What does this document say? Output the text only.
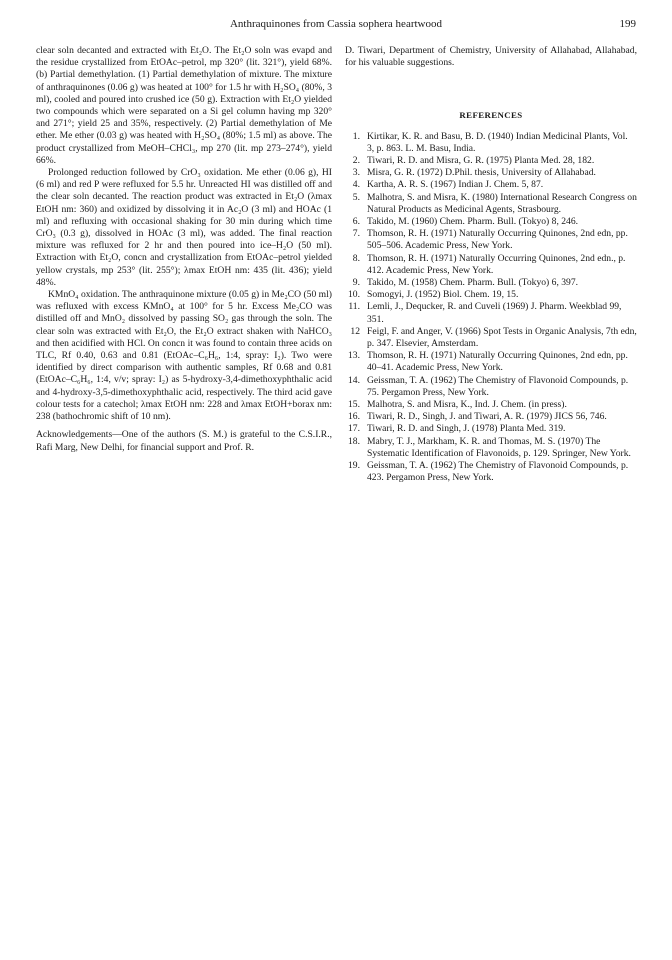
Anthraquinones from Cassia sophera heartwood	199

clear soln decanted and extracted with Et₂O. The Et₂O soln was evapd and the residue crystallized from EtOAc–petrol, mp 320° (lit. 321°), yield 68%. (b) Partial demethylation. (1) Partial demethylation of mixture. The mixture of anthraquinones (0.06 g) was heated at 100° for 1.5 hr with H₂SO₄ (80%, 3 ml), cooled and poured into crushed ice (50 g). Extraction with Et₂O yielded two compounds which were separated on a Si gel column having mp 320° and 271°; yield 25 and 35%, respectively. (2) Partial demethylation of Me ether. Me ether (0.03 g) was heated with H₂SO₄ (80%; 1.5 ml) as above. The product crystallized from MeOH–CHCl₃, mp 270 (lit. mp 273–274°), yield 66%.

Prolonged reduction followed by CrO₃ oxidation. Me ether (0.06 g), HI (6 ml) and red P were refluxed for 5.5 hr. Unreacted HI was distilled off and the clear soln decanted. The reaction product was extracted in Et₂O (λmax EtOH nm: 360) and oxidized by dissolving it in Ac₂O (3 ml) and HOAc (1 ml) and refluxing with occasional shaking for 30 min during which time CrO₃ (0.3 g), dissolved in HOAc (3 ml), was added. The final reaction mixture was refluxed for 2 hr and then poured into ice–H₂O (50 ml). Extraction with Et₂O, concn and crystallization from EtOAc–petrol yielded yellow crystals, mp 253° (lit. 255°); λmax EtOH nm: 435 (lit. 436); yield 48%.

KMnO₄ oxidation. The anthraquinone mixture (0.05 g) in Me₂CO (50 ml) was refluxed with excess KMnO₄ at 100° for 5 hr. Excess Me₂CO was distilled off and MnO₂ dissolved by passing SO₂ gas through the soln. The clear soln was extracted with Et₂O, the Et₂O extract shaken with NaHCO₃ and then acidified with HCl. On concn it was found to contain three acids on TLC, Rf 0.40, 0.63 and 0.81 (EtOAc–C₆H₆, 1:4, spray: I₂). Two were identified by direct comparison with authentic samples, Rf 0.68 and 0.81 (EtOAc–C₆H₆, 1:4, v/v; spray: I₂) as 5-hydroxy-3,4-dimethoxyphthalic acid and 4-hydroxy-3,5-dimethoxyphthalic acid, respectively. The third acid gave colour tests for a catechol; λmax EtOH nm: 228 and λmax EtOH+borax nm: 238 (bathochromic shift of 10 nm).

Acknowledgements—One of the authors (S. M.) is grateful to the C.S.I.R., Rafi Marg, New Delhi, for financial support and Prof. R.

D. Tiwari, Department of Chemistry, University of Allahabad, Allahabad, for his valuable suggestions.

REFERENCES
1. Kirtikar, K. R. and Basu, B. D. (1940) Indian Medicinal Plants, Vol. 3, p. 863. L. M. Basu, India.
2. Tiwari, R. D. and Misra, G. R. (1975) Planta Med. 28, 182.
3. Misra, G. R. (1972) D.Phil. thesis, University of Allahabad.
4. Kartha, A. R. S. (1967) Indian J. Chem. 5, 87.
5. Malhotra, S. and Misra, K. (1980) International Research Congress on Natural Products as Medicinal Agents, Strasbourg.
6. Takido, M. (1960) Chem. Pharm. Bull. (Tokyo) 8, 246.
7. Thomson, R. H. (1971) Naturally Occurring Quinones, 2nd edn, pp. 505–506. Academic Press, New York.
8. Thomson, R. H. (1971) Naturally Occurring Quinones, 2nd edn., p. 412. Academic Press, New York.
9. Takido, M. (1958) Chem. Pharm. Bull. (Tokyo) 6, 397.
10. Somogyi, J. (1952) Biol. Chem. 19, 15.
11. Lemli, J., Dequcker, R. and Cuveli (1969) J. Pharm. Weekblad 99, 351.
12 Feigl, F. and Anger, V. (1966) Spot Tests in Organic Analysis, 7th edn, p. 347. Elsevier, Amsterdam.
13. Thomson, R. H. (1971) Naturally Occurring Quinones, 2nd edn, pp. 40–41. Academic Press, New York.
14. Geissman, T. A. (1962) The Chemistry of Flavonoid Compounds, p. 75. Pergamon Press, New York.
15. Malhotra, S. and Misra, K., Ind. J. Chem. (in press).
16. Tiwari, R. D., Singh, J. and Tiwari, A. R. (1979) JICS 56, 746.
17. Tiwari, R. D. and Singh, J. (1978) Planta Med. 319.
18. Mabry, T. J., Markham, K. R. and Thomas, M. S. (1970) The Systematic Identification of Flavonoids, p. 129. Springer, New York.
19. Geissman, T. A. (1962) The Chemistry of Flavonoid Compounds, p. 423. Pergamon Press, New York.
